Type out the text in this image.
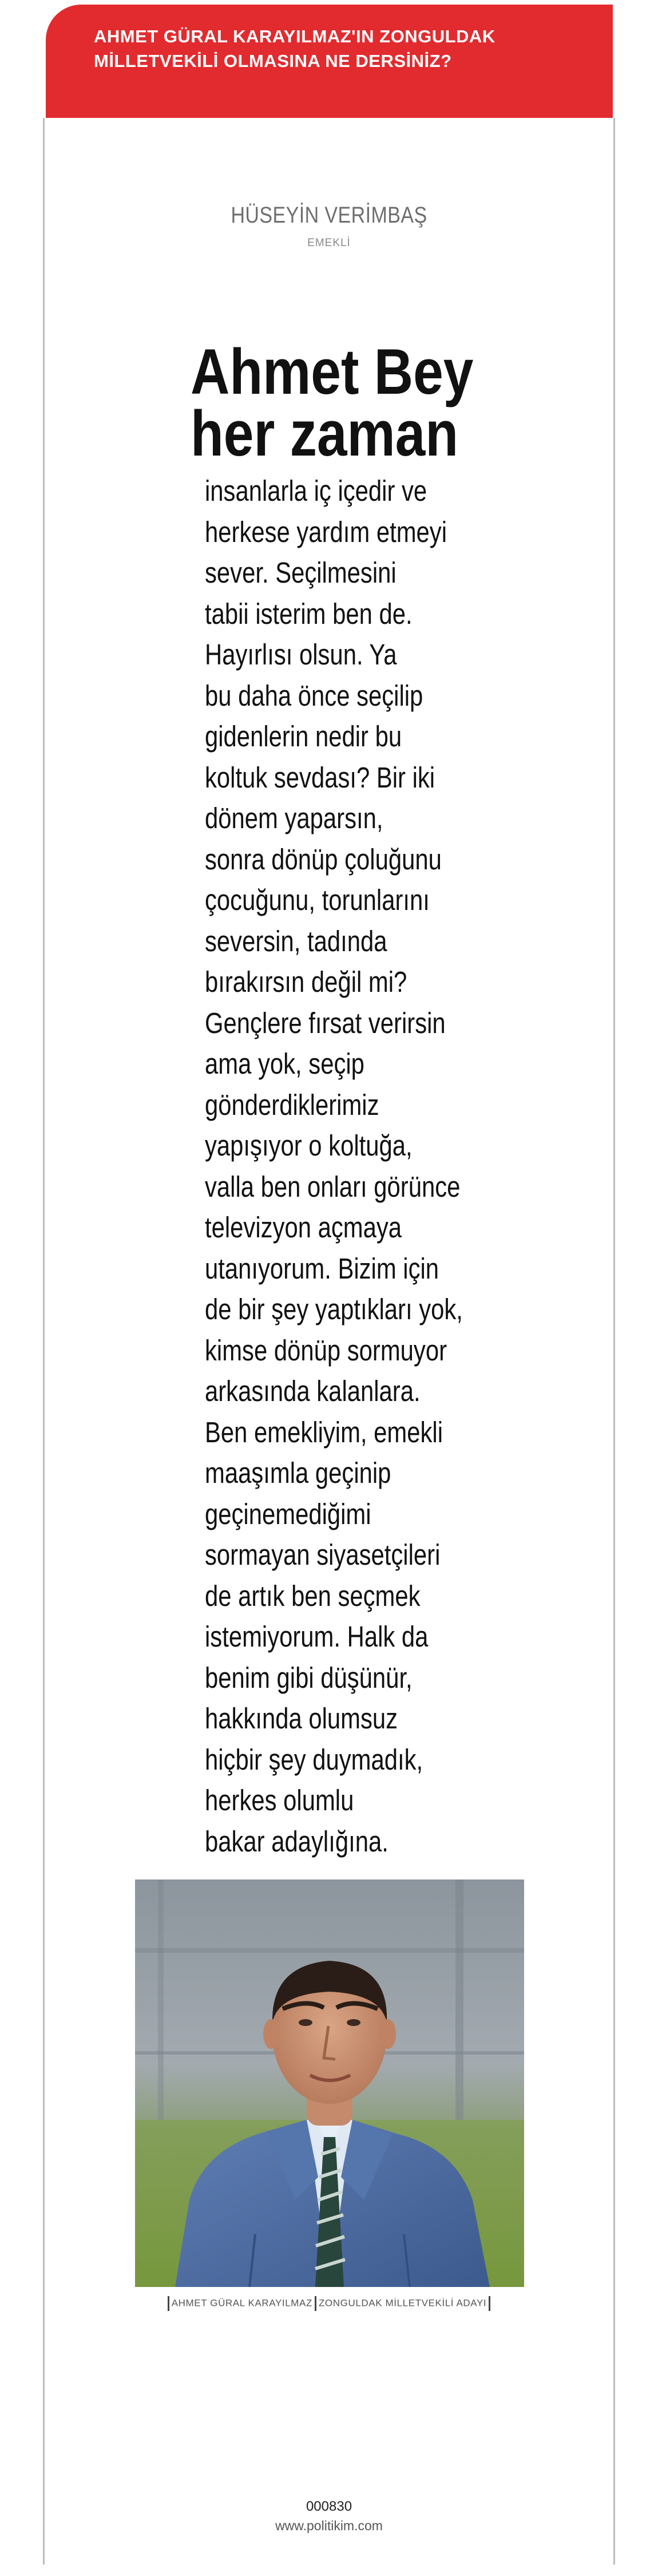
AHMET GÜRAL KARAYILMAZ'IN ZONGULDAK
MİLLETVEKİLİ OLMASINA NE DERSİNİZ?
HÜSEYİN VERİMBAŞ
EMEKLİ
Ahmet Bey
her zaman
insanlarla iç içedir ve
herkese yardım etmeyi
sever. Seçilmesini
tabii isterim ben de.
Hayırlısı olsun. Ya
bu daha önce seçilip
gidenlerin nedir bu
koltuk sevdası? Bir iki
dönem yaparsın,
sonra dönüp çoluğunu
çocuğunu, torunlarını
seversin, tadında
bırakırsın değil mi?
Gençlere fırsat verirsin
ama yok, seçip
gönderdiklerimiz
yapışıyor o koltuğa,
valla ben onları görünce
televizyon açmaya
utanıyorum. Bizim için
de bir şey yaptıkları yok,
kimse dönüp sormuyor
arkasında kalanlara.
Ben emekliyim, emekli
maaşımla geçinip
geçinemediğimi
sormayan siyasetçileri
de artık ben seçmek
istemiyorum. Halk da
benim gibi düşünür,
hakkında olumsuz
hiçbir şey duymadık,
herkes olumlu
bakar adaylığına.
AHMET GÜRAL KARAYILMAZ ZONGULDAK MİLLETVEKİLİ ADAYI
000830
www.politikim.com
